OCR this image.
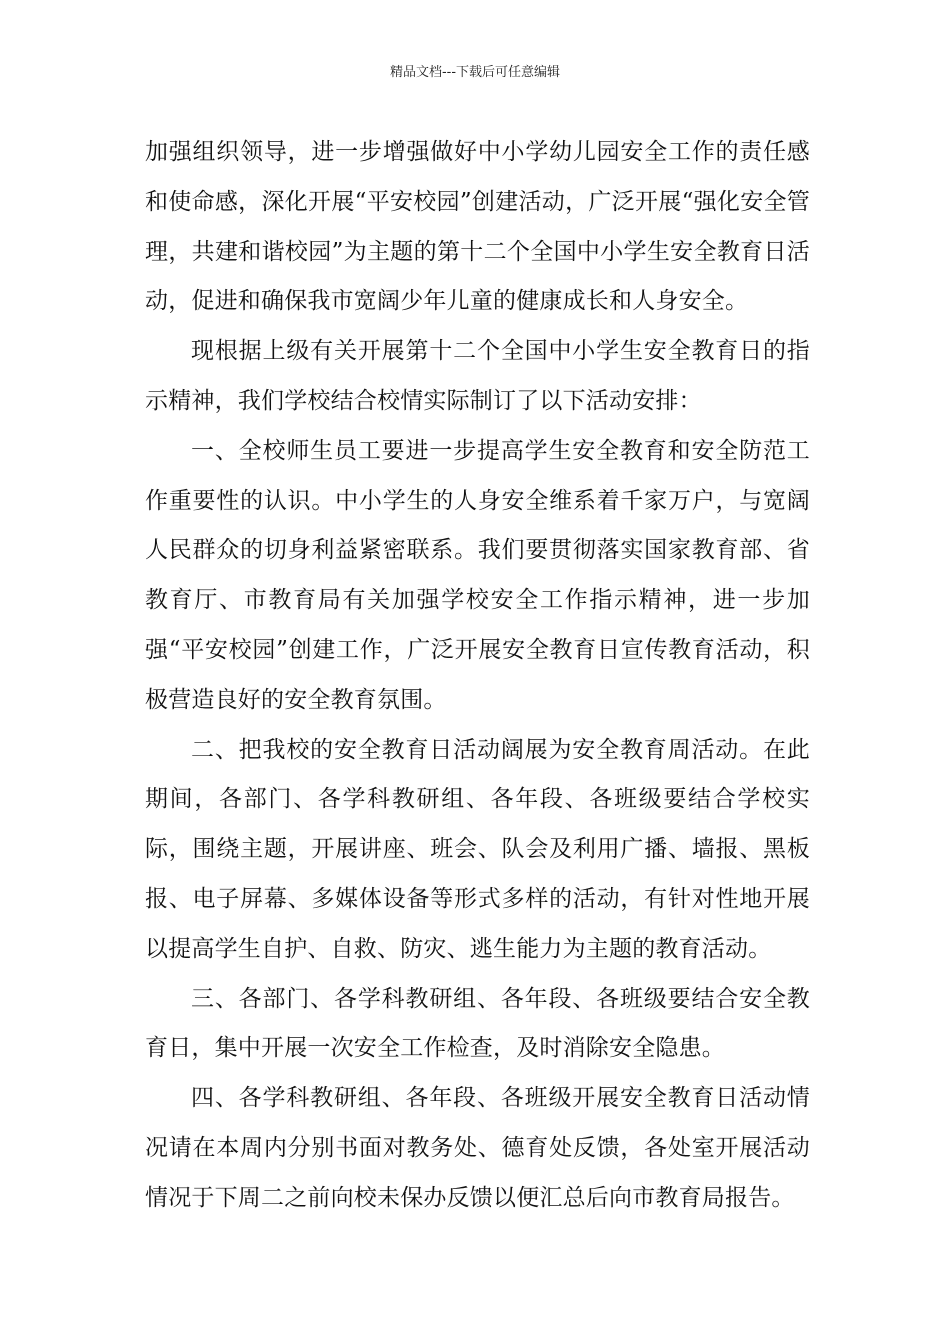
精品文档---下载后可任意编辑

加强组织领导，进一步增强做好中小学幼儿园安全工作的责任感和使命感，深化开展“平安校园”创建活动，广泛开展“强化安全管理，共建和谐校园”为主题的第十二个全国中小学生安全教育日活动，促进和确保我市宽阔少年儿童的健康成长和人身安全。

现根据上级有关开展第十二个全国中小学生安全教育日的指示精神，我们学校结合校情实际制订了以下活动安排：

一、全校师生员工要进一步提高学生安全教育和安全防范工作重要性的认识。中小学生的人身安全维系着千家万户，与宽阔人民群众的切身利益紧密联系。我们要贯彻落实国家教育部、省教育厅、市教育局有关加强学校安全工作指示精神，进一步加强“平安校园”创建工作，广泛开展安全教育日宣传教育活动，积极营造良好的安全教育氛围。

二、把我校的安全教育日活动阔展为安全教育周活动。在此期间，各部门、各学科教研组、各年段、各班级要结合学校实际，围绕主题，开展讲座、班会、队会及利用广播、墙报、黑板报、电子屏幕、多媒体设备等形式多样的活动，有针对性地开展以提高学生自护、自救、防灾、逃生能力为主题的教育活动。

三、各部门、各学科教研组、各年段、各班级要结合安全教育日，集中开展一次安全工作检查，及时消除安全隐患。

四、各学科教研组、各年段、各班级开展安全教育日活动情况请在本周内分别书面对教务处、德育处反馈，各处室开展活动情况于下周二之前向校未保办反馈以便汇总后向市教育局报告。
